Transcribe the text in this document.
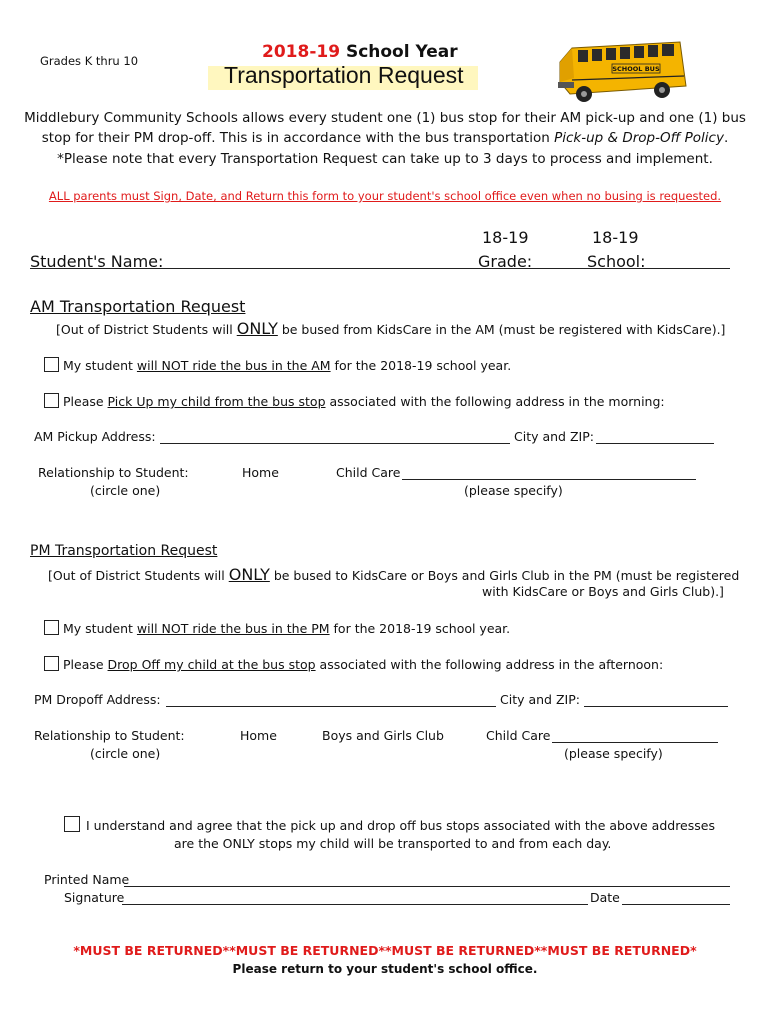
Grades K thru 10	2018-19 School Year
Transportation Request	SCHOOL BUS
Middlebury Community Schools allows every student one (1) bus stop for their AM pick-up and one (1) bus
stop for their PM drop-off. This is in accordance with the bus transportation Pick-up & Drop-Off Policy.
*Please note that every Transportation Request can take up to 3 days to process and implement.
ALL parents must Sign, Date, and Return this form to your student's school office even when no busing is requested.
Student's Name:
18-19
Grade:
18-19
School:
AM Transportation Request
[Out of District Students will ONLY be bused from KidsCare in the AM (must be registered with KidsCare).]
My student will NOT ride the bus in the AM for the 2018-19 school year.
Please Pick Up my child from the bus stop associated with the following address in the morning:
AM Pickup Address:	City and ZIP:
Relationship to Student:
(circle one)
Home	Child Care
(please specify)
PM Transportation Request
[Out of District Students will ONLY be bused to KidsCare or Boys and Girls Club in the PM (must be registered
with KidsCare or Boys and Girls Club).]
My student will NOT ride the bus in the PM for the 2018-19 school year.
Please Drop Off my child at the bus stop associated with the following address in the afternoon:
PM Dropoff Address:	City and ZIP:
Relationship to Student:
(circle one)
Home	Boys and Girls Club	Child Care
(please specify)
I understand and agree that the pick up and drop off bus stops associated with the above addresses
are the ONLY stops my child will be transported to and from each day.
Printed Name
Signature	Date
*MUST BE RETURNED**MUST BE RETURNED**MUST BE RETURNED**MUST BE RETURNED*
Please return to your student's school office.
